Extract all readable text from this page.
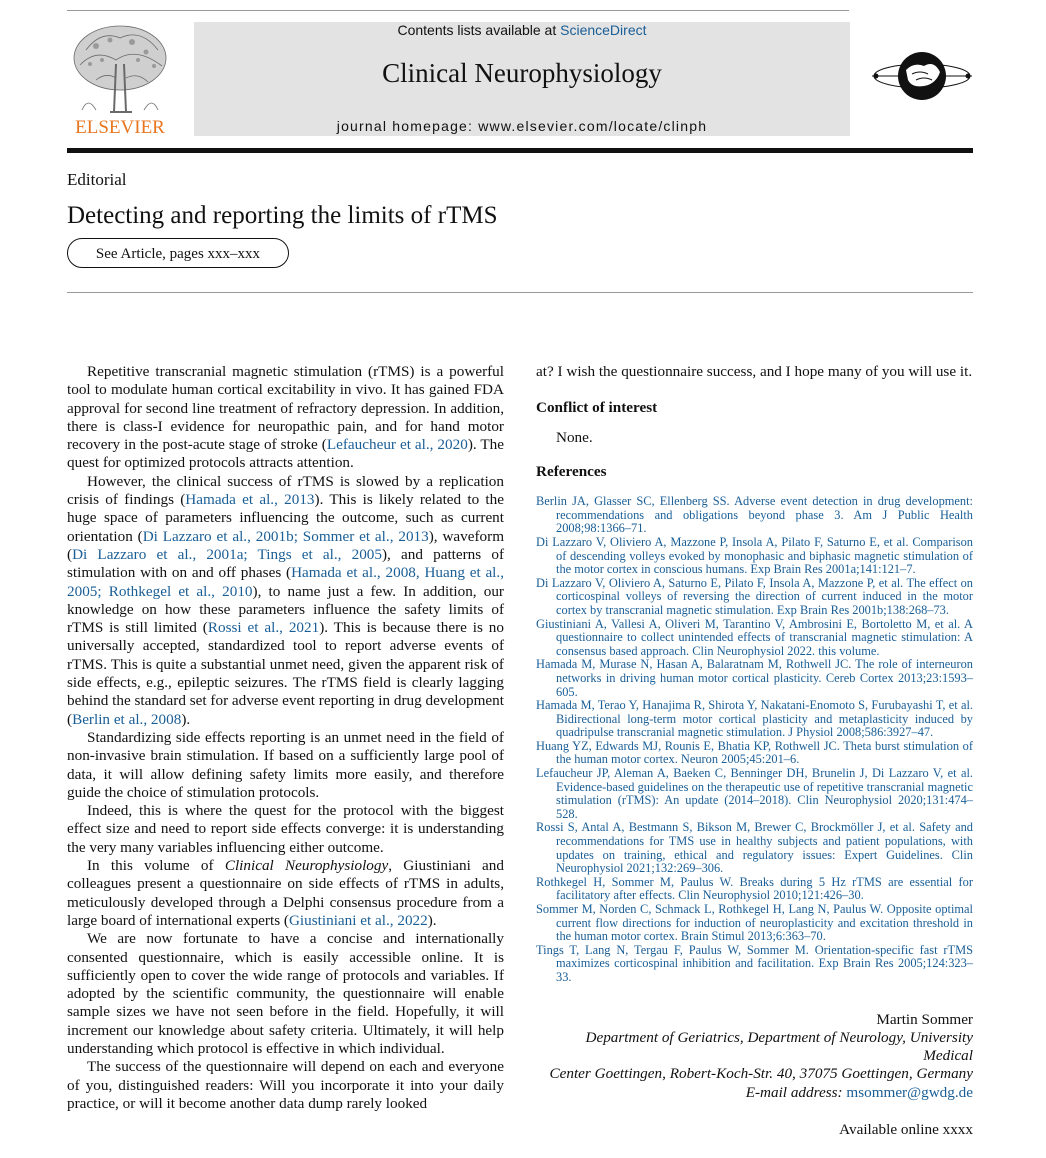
ELSEVIER
Contents lists available at ScienceDirect
Clinical Neurophysiology
journal homepage: www.elsevier.com/locate/clinph
Editorial
Detecting and reporting the limits of rTMS
See Article, pages xxx–xxx

Repetitive transcranial magnetic stimulation (rTMS) is a powerful tool to modulate human cortical excitability in vivo. It has gained FDA approval for second line treatment of refractory depression. In addition, there is class-I evidence for neuropathic pain, and for hand motor recovery in the post-acute stage of stroke (Lefaucheur et al., 2020). The quest for optimized protocols attracts attention.

However, the clinical success of rTMS is slowed by a replication crisis of findings (Hamada et al., 2013). This is likely related to the huge space of parameters influencing the outcome, such as current orientation (Di Lazzaro et al., 2001b; Sommer et al., 2013), waveform (Di Lazzaro et al., 2001a; Tings et al., 2005), and patterns of stimulation with on and off phases (Hamada et al., 2008, Huang et al., 2005; Rothkegel et al., 2010), to name just a few. In addition, our knowledge on how these parameters influence the safety limits of rTMS is still limited (Rossi et al., 2021). This is because there is no universally accepted, standardized tool to report adverse events of rTMS. This is quite a substantial unmet need, given the apparent risk of side effects, e.g., epileptic seizures. The rTMS field is clearly lagging behind the standard set for adverse event reporting in drug development (Berlin et al., 2008).

Standardizing side effects reporting is an unmet need in the field of non-invasive brain stimulation. If based on a sufficiently large pool of data, it will allow defining safety limits more easily, and therefore guide the choice of stimulation protocols.

Indeed, this is where the quest for the protocol with the biggest effect size and need to report side effects converge: it is understanding the very many variables influencing either outcome.

In this volume of Clinical Neurophysiology, Giustiniani and colleagues present a questionnaire on side effects of rTMS in adults, meticulously developed through a Delphi consensus procedure from a large board of international experts (Giustiniani et al., 2022).

We are now fortunate to have a concise and internationally consented questionnaire, which is easily accessible online. It is sufficiently open to cover the wide range of protocols and variables. If adopted by the scientific community, the questionnaire will enable sample sizes we have not seen before in the field. Hopefully, it will increment our knowledge about safety criteria. Ultimately, it will help understanding which protocol is effective in which individual.

The success of the questionnaire will depend on each and everyone of you, distinguished readers: Will you incorporate it into your daily practice, or will it become another data dump rarely looked

at? I wish the questionnaire success, and I hope many of you will use it.

Conflict of interest

None.

References
Berlin JA, Glasser SC, Ellenberg SS. Adverse event detection in drug development: recommendations and obligations beyond phase 3. Am J Public Health 2008;98:1366–71.
Di Lazzaro V, Oliviero A, Mazzone P, Insola A, Pilato F, Saturno E, et al. Comparison of descending volleys evoked by monophasic and biphasic magnetic stimulation of the motor cortex in conscious humans. Exp Brain Res 2001a;141:121–7.
Di Lazzaro V, Oliviero A, Saturno E, Pilato F, Insola A, Mazzone P, et al. The effect on corticospinal volleys of reversing the direction of current induced in the motor cortex by transcranial magnetic stimulation. Exp Brain Res 2001b;138:268–73.
Giustiniani A, Vallesi A, Oliveri M, Tarantino V, Ambrosini E, Bortoletto M, et al. A questionnaire to collect unintended effects of transcranial magnetic stimulation: A consensus based approach. Clin Neurophysiol 2022. this volume.
Hamada M, Murase N, Hasan A, Balaratnam M, Rothwell JC. The role of interneuron networks in driving human motor cortical plasticity. Cereb Cortex 2013;23:1593–605.
Hamada M, Terao Y, Hanajima R, Shirota Y, Nakatani-Enomoto S, Furubayashi T, et al. Bidirectional long-term motor cortical plasticity and metaplasticity induced by quadripulse transcranial magnetic stimulation. J Physiol 2008;586:3927–47.
Huang YZ, Edwards MJ, Rounis E, Bhatia KP, Rothwell JC. Theta burst stimulation of the human motor cortex. Neuron 2005;45:201–6.
Lefaucheur JP, Aleman A, Baeken C, Benninger DH, Brunelin J, Di Lazzaro V, et al. Evidence-based guidelines on the therapeutic use of repetitive transcranial magnetic stimulation (rTMS): An update (2014–2018). Clin Neurophysiol 2020;131:474–528.
Rossi S, Antal A, Bestmann S, Bikson M, Brewer C, Brockmöller J, et al. Safety and recommendations for TMS use in healthy subjects and patient populations, with updates on training, ethical and regulatory issues: Expert Guidelines. Clin Neurophysiol 2021;132:269–306.
Rothkegel H, Sommer M, Paulus W. Breaks during 5 Hz rTMS are essential for facilitatory after effects. Clin Neurophysiol 2010;121:426–30.
Sommer M, Norden C, Schmack L, Rothkegel H, Lang N, Paulus W. Opposite optimal current flow directions for induction of neuroplasticity and excitation threshold in the human motor cortex. Brain Stimul 2013;6:363–70.
Tings T, Lang N, Tergau F, Paulus W, Sommer M. Orientation-specific fast rTMS maximizes corticospinal inhibition and facilitation. Exp Brain Res 2005;124:323–33.
Martin Sommer
Department of Geriatrics, Department of Neurology, University Medical
Center Goettingen, Robert-Koch-Str. 40, 37075 Goettingen, Germany
E-mail address: msommer@gwdg.de
Available online xxxx
